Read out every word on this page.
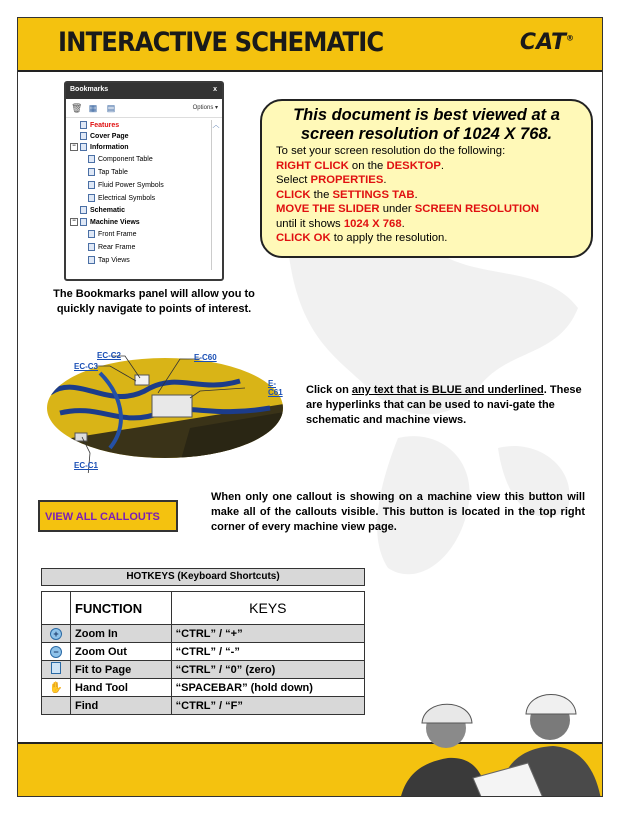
INTERACTIVE SCHEMATIC	CAT®
Bookmarks	x
🗑 ▦ ▤	Options ▾
Features
Cover Page
− Information
Component Table
Tap Table
Fluid Power Symbols
Electrical Symbols
Schematic
− Machine Views
Front Frame
Rear Frame
Tap Views
︿
The Bookmarks panel will allow you to
quickly navigate to points of interest.
This document is best viewed at a
screen resolution of 1024 X 768.
To set your screen resolution do the following:
RIGHT CLICK on the DESKTOP.
Select PROPERTIES.
CLICK the SETTINGS TAB.
MOVE THE SLIDER under SCREEN RESOLUTION
until it shows 1024 X 768.
CLICK OK to apply the resolution.
EC-C2
EC-C3
E-C60
E-C61
EC-C1
Click on any text that is BLUE and underlined. These are hyperlinks that can be used to navi-gate the schematic and machine views.
VIEW ALL CALLOUTS
When only one callout is showing on a machine view this button will make all of the callouts visible. This button is located in the top right corner of every machine view page.
HOTKEYS (Keyboard Shortcuts)
	FUNCTION	KEYS
+	Zoom In	“CTRL” / “+”
−	Zoom Out	“CTRL” / “-”
	Fit to Page	“CTRL” / “0” (zero)
✋	Hand Tool	“SPACEBAR” (hold down)
	Find	“CTRL” / “F”
